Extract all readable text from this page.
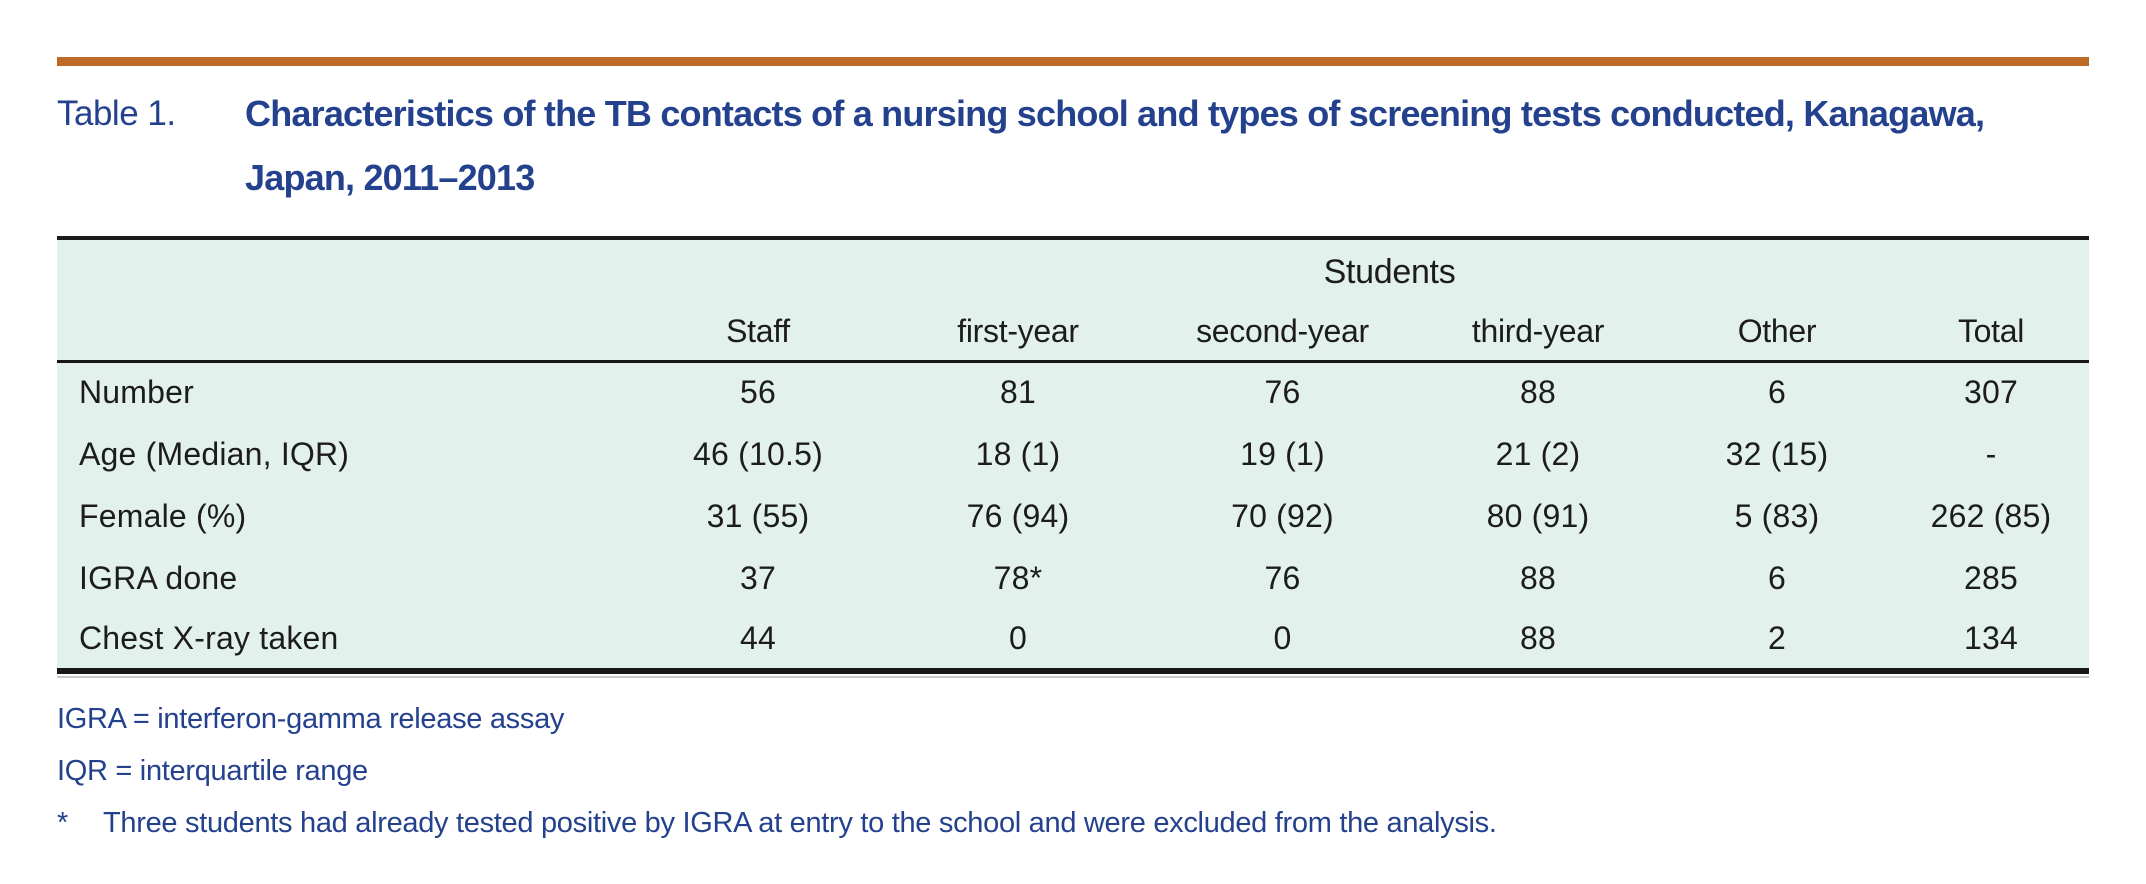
Table 1.	Characteristics of the TB contacts of a nursing school and types of screening tests conducted, Kanagawa,
Japan, 2011–2013
		Students				
	Staff	first-year	second-year	third-year	Other	Total
Number	56	81	76	88	6	307
Age (Median, IQR)	46 (10.5)	18 (1)	19 (1)	21 (2)	32 (15)	-
Female (%)	31 (55)	76 (94)	70 (92)	80 (91)	5 (83)	262 (85)
IGRA done	37	78*	76	88	6	285
Chest X-ray taken	44	0	0	88	2	134
IGRA = interferon-gamma release assay
IQR = interquartile range
*	Three students had already tested positive by IGRA at entry to the school and were excluded from the analysis.
